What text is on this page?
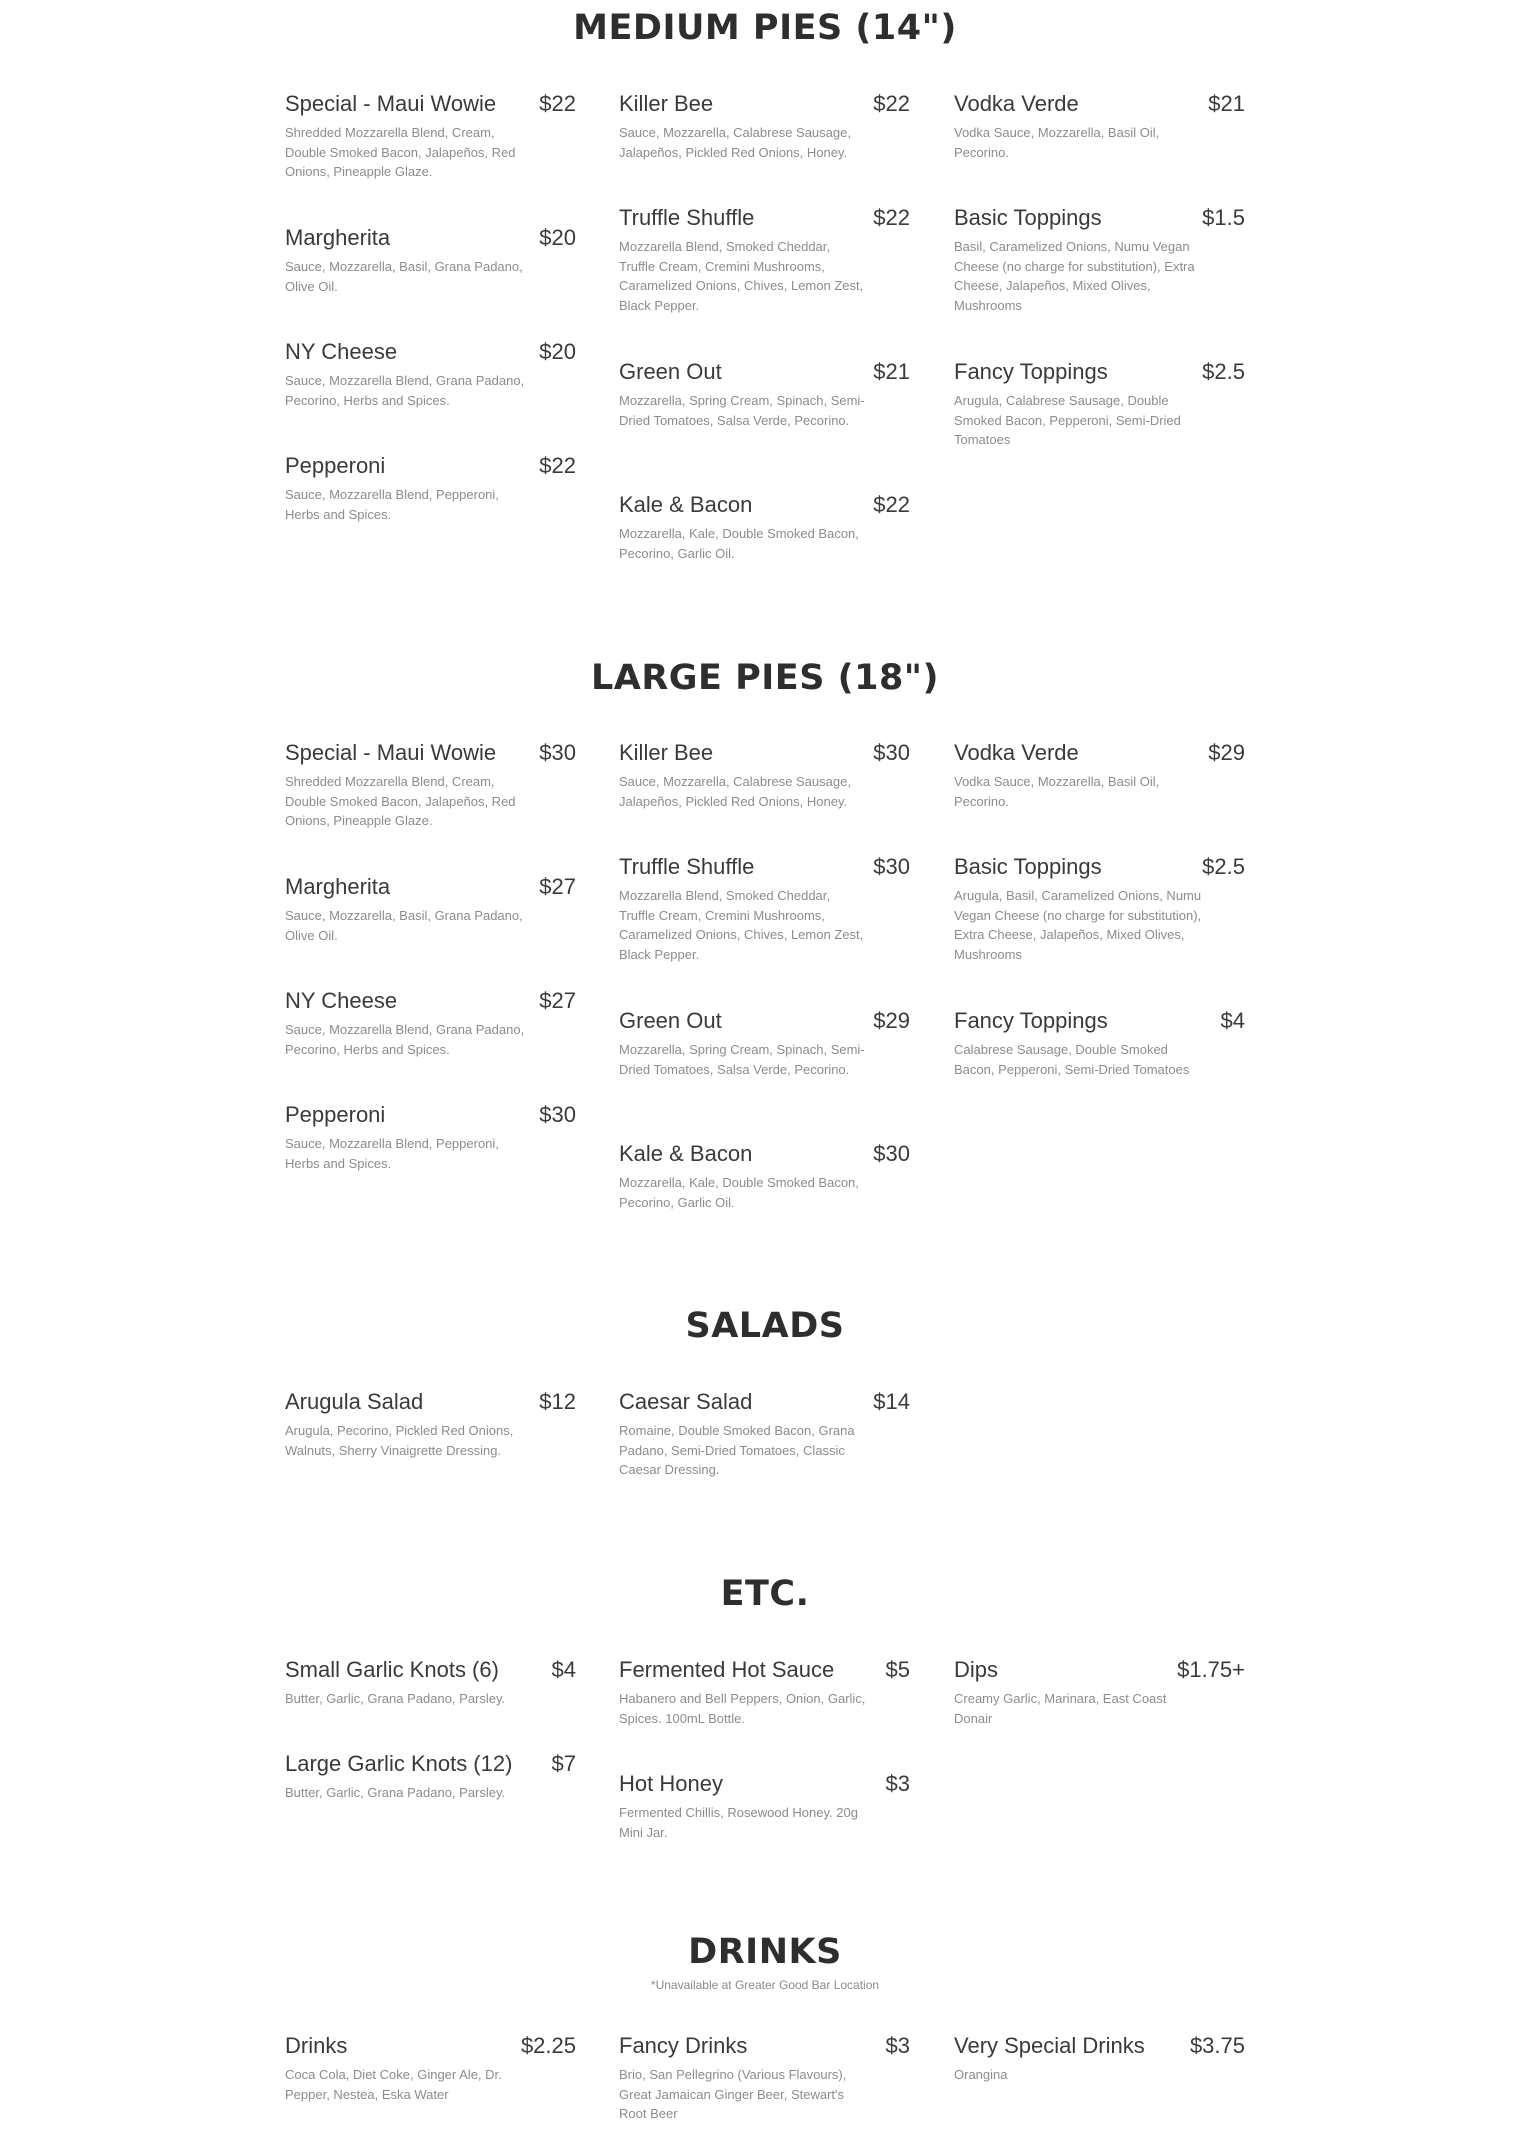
MEDIUM PIES (14")
Special - Maui Wowie $22
Shredded Mozzarella Blend, Cream, Double Smoked Bacon, Jalapeños, Red Onions, Pineapple Glaze.
Margherita	$20
Sauce, Mozzarella, Basil, Grana Padano, Olive Oil.
NY Cheese	$20
Sauce, Mozzarella Blend, Grana Padano, Pecorino, Herbs and Spices.
Pepperoni	$22
Sauce, Mozzarella Blend, Pepperoni, Herbs and Spices.
Killer Bee	$22
Sauce, Mozzarella, Calabrese Sausage, Jalapeños, Pickled Red Onions, Honey.
Truffle Shuffle	$22
Mozzarella Blend, Smoked Cheddar, Truffle Cream, Cremini Mushrooms, Caramelized Onions, Chives, Lemon Zest, Black Pepper.
Green Out	$21
Mozzarella, Spring Cream, Spinach, Semi-Dried Tomatoes, Salsa Verde, Pecorino.
Kale & Bacon	$22
Mozzarella, Kale, Double Smoked Bacon, Pecorino, Garlic Oil.
Vodka Verde	$21
Vodka Sauce, Mozzarella, Basil Oil, Pecorino.
Basic Toppings	$1.5
Basil, Caramelized Onions, Numu Vegan Cheese (no charge for substitution), Extra Cheese, Jalapeños, Mixed Olives, Mushrooms
Fancy Toppings	$2.5
Arugula, Calabrese Sausage, Double Smoked Bacon, Pepperoni, Semi-Dried Tomatoes
LARGE PIES (18")
Special - Maui Wowie $30
Shredded Mozzarella Blend, Cream, Double Smoked Bacon, Jalapeños, Red Onions, Pineapple Glaze.
Margherita	$27
Sauce, Mozzarella, Basil, Grana Padano, Olive Oil.
NY Cheese	$27
Sauce, Mozzarella Blend, Grana Padano, Pecorino, Herbs and Spices.
Pepperoni	$30
Sauce, Mozzarella Blend, Pepperoni, Herbs and Spices.
Killer Bee	$30
Sauce, Mozzarella, Calabrese Sausage, Jalapeños, Pickled Red Onions, Honey.
Truffle Shuffle	$30
Mozzarella Blend, Smoked Cheddar, Truffle Cream, Cremini Mushrooms, Caramelized Onions, Chives, Lemon Zest, Black Pepper.
Green Out	$29
Mozzarella, Spring Cream, Spinach, Semi-Dried Tomatoes, Salsa Verde, Pecorino.
Kale & Bacon	$30
Mozzarella, Kale, Double Smoked Bacon, Pecorino, Garlic Oil.
Vodka Verde	$29
Vodka Sauce, Mozzarella, Basil Oil, Pecorino.
Basic Toppings	$2.5
Arugula, Basil, Caramelized Onions, Numu Vegan Cheese (no charge for substitution), Extra Cheese, Jalapeños, Mixed Olives, Mushrooms
Fancy Toppings	$4
Calabrese Sausage, Double Smoked Bacon, Pepperoni, Semi-Dried Tomatoes
SALADS
Arugula Salad	$12
Arugula, Pecorino, Pickled Red Onions, Walnuts, Sherry Vinaigrette Dressing.
Caesar Salad	$14
Romaine, Double Smoked Bacon, Grana Padano, Semi-Dried Tomatoes, Classic Caesar Dressing.
ETC.
Small Garlic Knots (6) $4
Butter, Garlic, Grana Padano, Parsley.
Large Garlic Knots (12) $7
Butter, Garlic, Grana Padano, Parsley.
Fermented Hot Sauce $5
Habanero and Bell Peppers, Onion, Garlic, Spices. 100mL Bottle.
Hot Honey	$3
Fermented Chillis, Rosewood Honey. 20g Mini Jar.
Dips	$1.75+
Creamy Garlic, Marinara, East Coast Donair
DRINKS
*Unavailable at Greater Good Bar Location
Drinks	$2.25
Coca Cola, Diet Coke, Ginger Ale, Dr. Pepper, Nestea, Eska Water
Fancy Drinks	$3
Brio, San Pellegrino (Various Flavours), Great Jamaican Ginger Beer, Stewart's Root Beer
Very Special Drinks $3.75
Orangina
